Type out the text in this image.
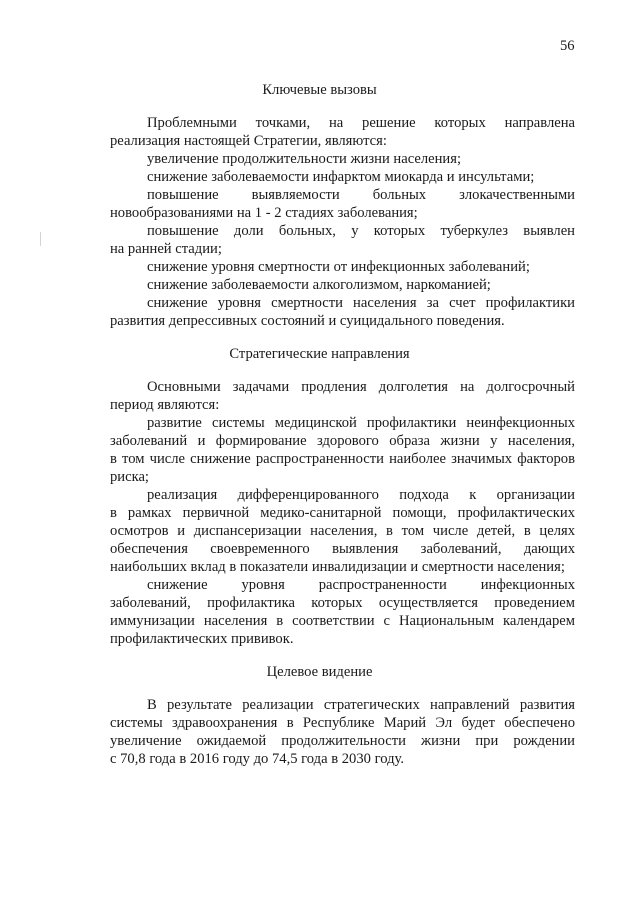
56
Ключевые вызовы
Проблемными точками, на решение которых направлена
реализация настоящей Стратегии, являются:
увеличение продолжительности жизни населения;
снижение заболеваемости инфарктом миокарда и инсультами;
повышение выявляемости больных злокачественными
новообразованиями на 1 - 2 стадиях заболевания;
повышение доли больных, у которых туберкулез выявлен
на ранней стадии;
снижение уровня смертности от инфекционных заболеваний;
снижение заболеваемости алкоголизмом, наркоманией;
снижение уровня смертности населения за счет профилактики
развития депрессивных состояний и суицидального поведения.
Стратегические направления
Основными задачами продления долголетия на долгосрочный
период являются:
развитие системы медицинской профилактики неинфекционных
заболеваний и формирование здорового образа жизни у населения,
в том числе снижение распространенности наиболее значимых факторов
риска;
реализация дифференцированного подхода к организации
в рамках первичной медико-санитарной помощи, профилактических
осмотров и диспансеризации населения, в том числе детей, в целях
обеспечения своевременного выявления заболеваний, дающих
наибольших вклад в показатели инвалидизации и смертности населения;
снижение уровня распространенности инфекционных
заболеваний, профилактика которых осуществляется проведением
иммунизации населения в соответствии с Национальным календарем
профилактических прививок.
Целевое видение
В результате реализации стратегических направлений развития
системы здравоохранения в Республике Марий Эл будет обеспечено
увеличение ожидаемой продолжительности жизни при рождении
с 70,8 года в 2016 году до 74,5 года в 2030 году.
